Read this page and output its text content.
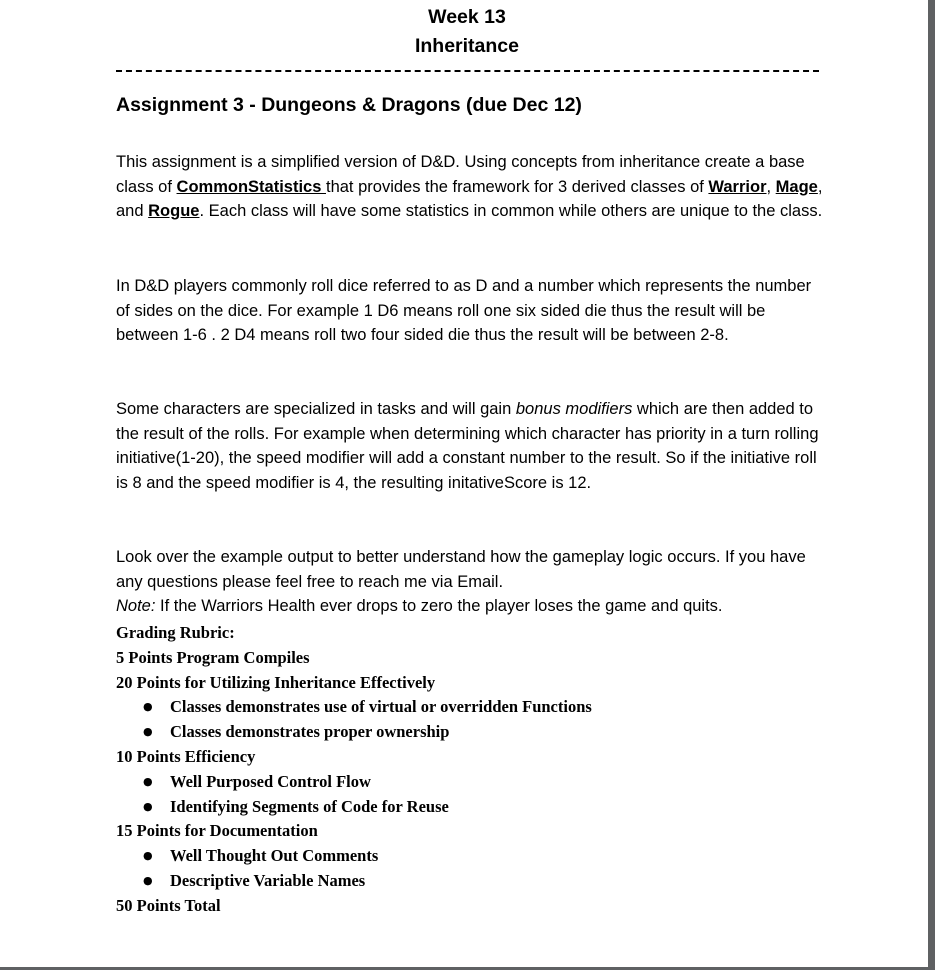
Week 13
Inheritance
Assignment 3 - Dungeons & Dragons (due Dec 12)
This assignment is a simplified version of D&D. Using concepts from inheritance create a base class of CommonStatistics that provides the framework for 3 derived classes of Warrior, Mage, and Rogue. Each class will have some statistics in common while others are unique to the class.
In D&D players commonly roll dice referred to as D and a number which represents the number of sides on the dice. For example 1 D6 means roll one six sided die thus the result will be between 1-6 . 2 D4 means roll two four sided die thus the result will be between 2-8.
Some characters are specialized in tasks and will gain bonus modifiers which are then added to the result of the rolls. For example when determining which character has priority in a turn rolling initiative(1-20), the speed modifier will add a constant number to the result. So if the initiative roll is 8 and the speed modifier is 4, the resulting initativeScore is 12.
Look over the example output to better understand how the gameplay logic occurs. If you have any questions please feel free to reach me via Email.
Note: If the Warriors Health ever drops to zero the player loses the game and quits.
Grading Rubric:
5 Points Program Compiles
20 Points for Utilizing Inheritance Effectively
● Classes demonstrates use of virtual or overridden Functions
● Classes demonstrates proper ownership
10 Points Efficiency
● Well Purposed Control Flow
● Identifying Segments of Code for Reuse
15 Points for Documentation
● Well Thought Out Comments
● Descriptive Variable Names
50 Points Total
